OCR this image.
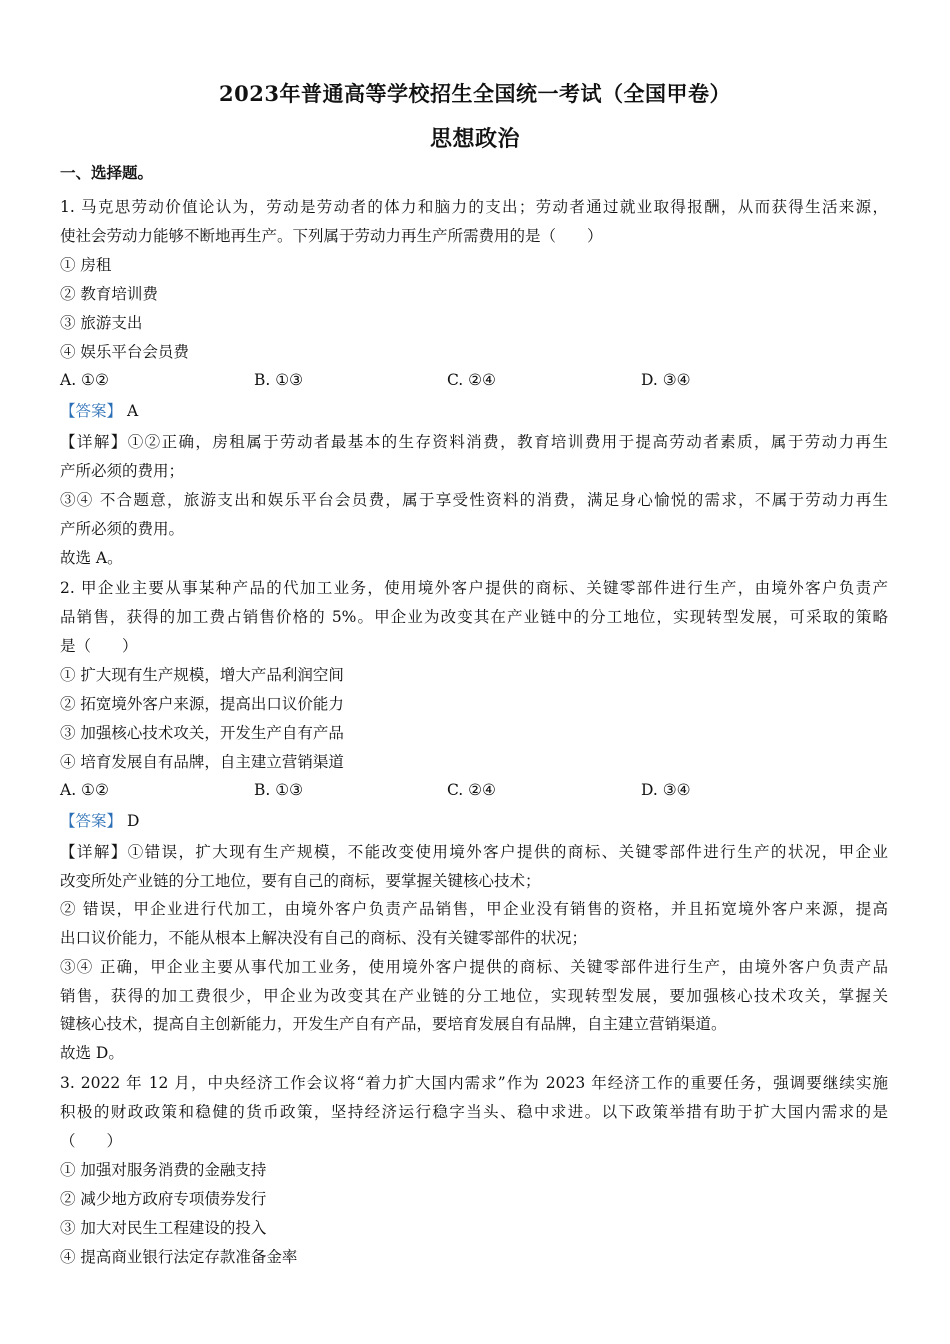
2023年普通高等学校招生全国统一考试（全国甲卷）
思想政治
一、选择题。
1. 马克思劳动价值论认为，劳动是劳动者的体力和脑力的支出；劳动者通过就业取得报酬，从而获得生活来源，
使社会劳动力能够不断地再生产。下列属于劳动力再生产所需费用的是（　　）
① 房租
② 教育培训费
③ 旅游支出
④ 娱乐平台会员费
A. ①②	B. ①③	C. ②④	D. ③④
【答案】 A
【详解】①②正确，房租属于劳动者最基本的生存资料消费，教育培训费用于提高劳动者素质，属于劳动力再生
产所必须的费用；
③④ 不合题意，旅游支出和娱乐平台会员费，属于享受性资料的消费，满足身心愉悦的需求，不属于劳动力再生
产所必须的费用。
故选 A。
2. 甲企业主要从事某种产品的代加工业务，使用境外客户提供的商标、关键零部件进行生产，由境外客户负责产
品销售，获得的加工费占销售价格的 5%。甲企业为改变其在产业链中的分工地位，实现转型发展，可采取的策略
是（　　）
① 扩大现有生产规模，增大产品利润空间
② 拓宽境外客户来源，提高出口议价能力
③ 加强核心技术攻关，开发生产自有产品
④ 培育发展自有品牌，自主建立营销渠道
A. ①②	B. ①③	C. ②④	D. ③④
【答案】 D
【详解】①错误，扩大现有生产规模，不能改变使用境外客户提供的商标、关键零部件进行生产的状况，甲企业
改变所处产业链的分工地位，要有自己的商标，要掌握关键核心技术；
② 错误，甲企业进行代加工，由境外客户负责产品销售，甲企业没有销售的资格，并且拓宽境外客户来源，提高
出口议价能力，不能从根本上解决没有自己的商标、没有关键零部件的状况；
③④ 正确，甲企业主要从事代加工业务，使用境外客户提供的商标、关键零部件进行生产，由境外客户负责产品
销售，获得的加工费很少，甲企业为改变其在产业链的分工地位，实现转型发展，要加强核心技术攻关，掌握关
键核心技术，提高自主创新能力，开发生产自有产品，要培育发展自有品牌，自主建立营销渠道。
故选 D。
3. 2022 年 12 月，中央经济工作会议将“着力扩大国内需求”作为 2023 年经济工作的重要任务，强调要继续实施
积极的财政政策和稳健的货币政策，坚持经济运行稳字当头、稳中求进。以下政策举措有助于扩大国内需求的是
（　　）
① 加强对服务消费的金融支持
② 减少地方政府专项债券发行
③ 加大对民生工程建设的投入
④ 提高商业银行法定存款准备金率
